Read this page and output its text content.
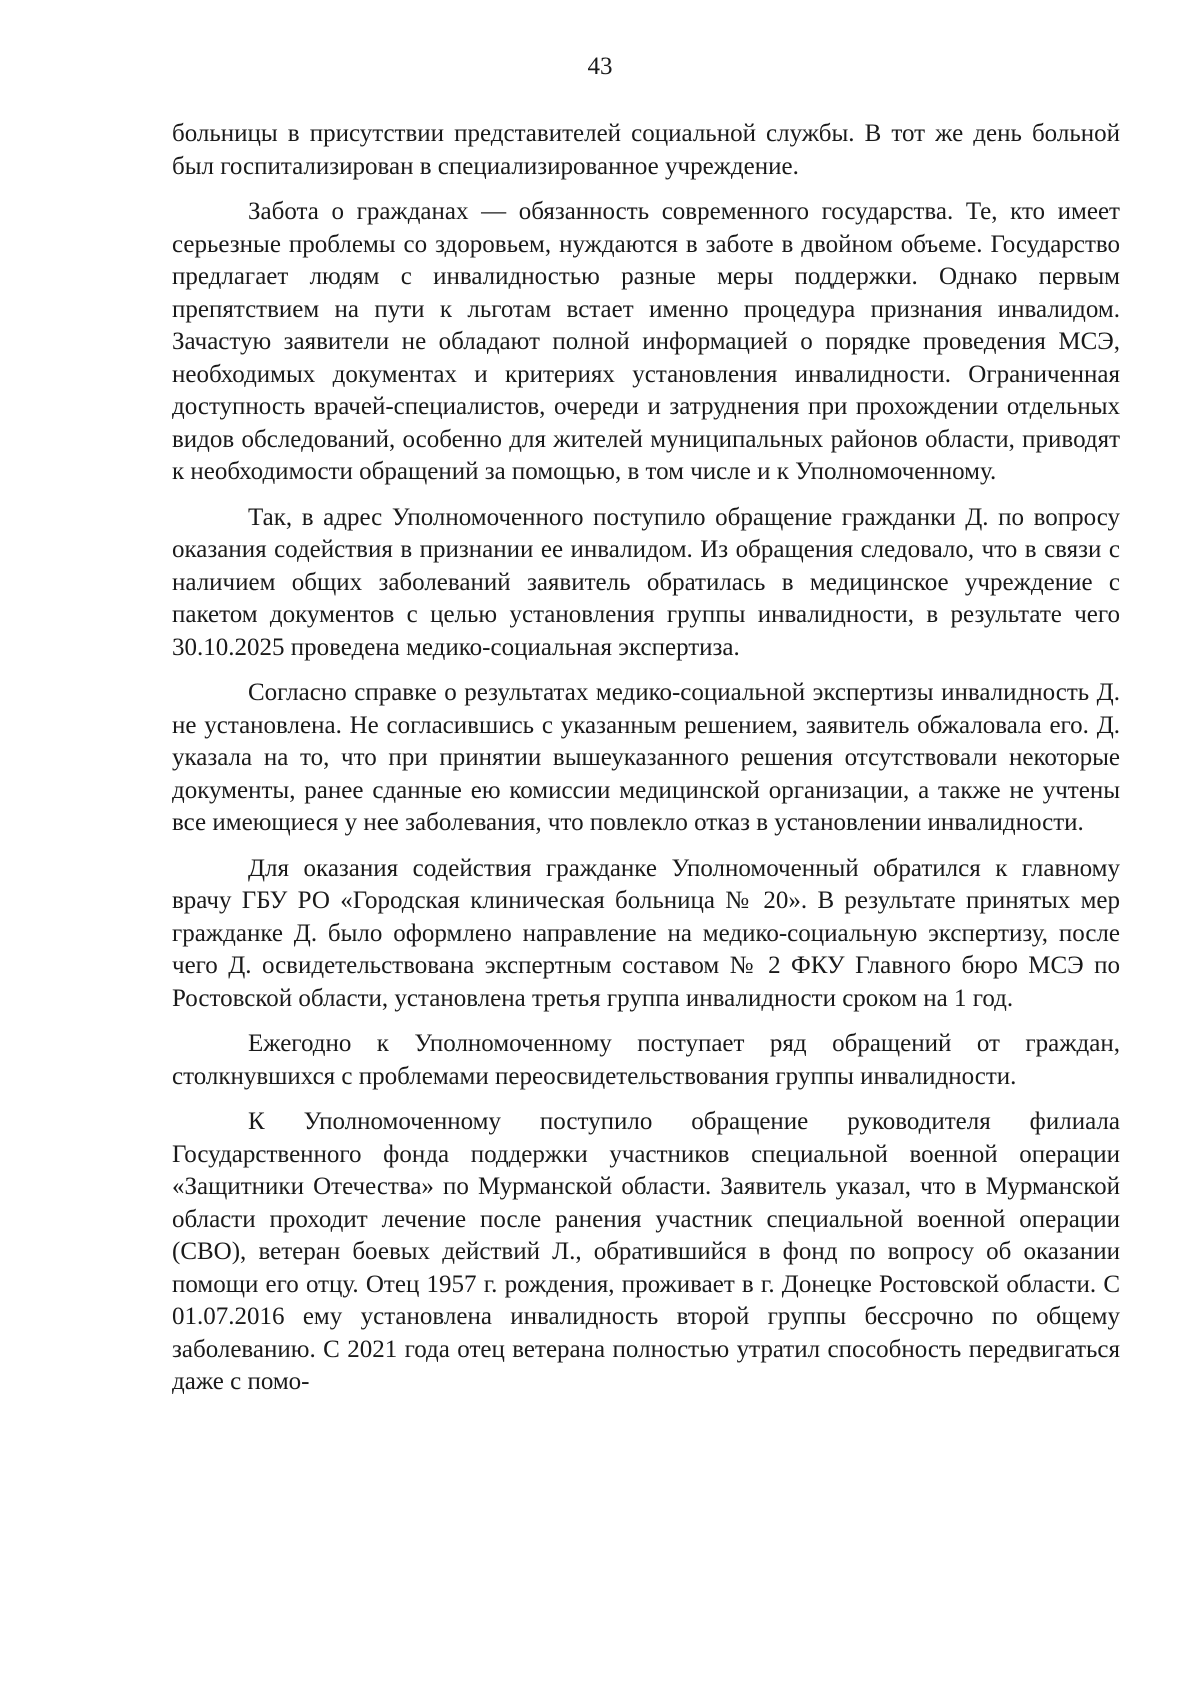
43

больницы в присутствии представителей социальной службы. В тот же день больной был госпитализирован в специализированное учреждение.

Забота о гражданах — обязанность современного государства. Те, кто имеет серьезные проблемы со здоровьем, нуждаются в заботе в двойном объеме. Государство предлагает людям с инвалидностью разные меры поддержки. Однако первым препятствием на пути к льготам встает именно процедура признания инвалидом. Зачастую заявители не обладают полной информацией о порядке проведения МСЭ, необходимых документах и критериях установления инвалидности. Ограниченная доступность врачей-специалистов, очереди и затруднения при прохождении отдельных видов обследований, особенно для жителей муниципальных районов области, приводят к необходимости обращений за помощью, в том числе и к Уполномоченному.

Так, в адрес Уполномоченного поступило обращение гражданки Д. по вопросу оказания содействия в признании ее инвалидом. Из обращения следовало, что в связи с наличием общих заболеваний заявитель обратилась в медицинское учреждение с пакетом документов с целью установления группы инвалидности, в результате чего 30.10.2025 проведена медико-социальная экспертиза.

Согласно справке о результатах медико-социальной экспертизы инвалидность Д. не установлена. Не согласившись с указанным решением, заявитель обжаловала его. Д. указала на то, что при принятии вышеуказанного решения отсутствовали некоторые документы, ранее сданные ею комиссии медицинской организации, а также не учтены все имеющиеся у нее заболевания, что повлекло отказ в установлении инвалидности.

Для оказания содействия гражданке Уполномоченный обратился к главному врачу ГБУ РО «Городская клиническая больница № 20». В результате принятых мер гражданке Д. было оформлено направление на медико-социальную экспертизу, после чего Д. освидетельствована экспертным составом № 2 ФКУ Главного бюро МСЭ по Ростовской области, установлена третья группа инвалидности сроком на 1 год.

Ежегодно к Уполномоченному поступает ряд обращений от граждан, столкнувшихся с проблемами переосвидетельствования группы инвалидности.

К Уполномоченному поступило обращение руководителя филиала Государственного фонда поддержки участников специальной военной операции «Защитники Отечества» по Мурманской области. Заявитель указал, что в Мурманской области проходит лечение после ранения участник специальной военной операции (СВО), ветеран боевых действий Л., обратившийся в фонд по вопросу об оказании помощи его отцу. Отец 1957 г. рождения, проживает в г. Донецке Ростовской области. С 01.07.2016 ему установлена инвалидность второй группы бессрочно по общему заболеванию. С 2021 года отец ветерана полностью утратил способность передвигаться даже с помо-
